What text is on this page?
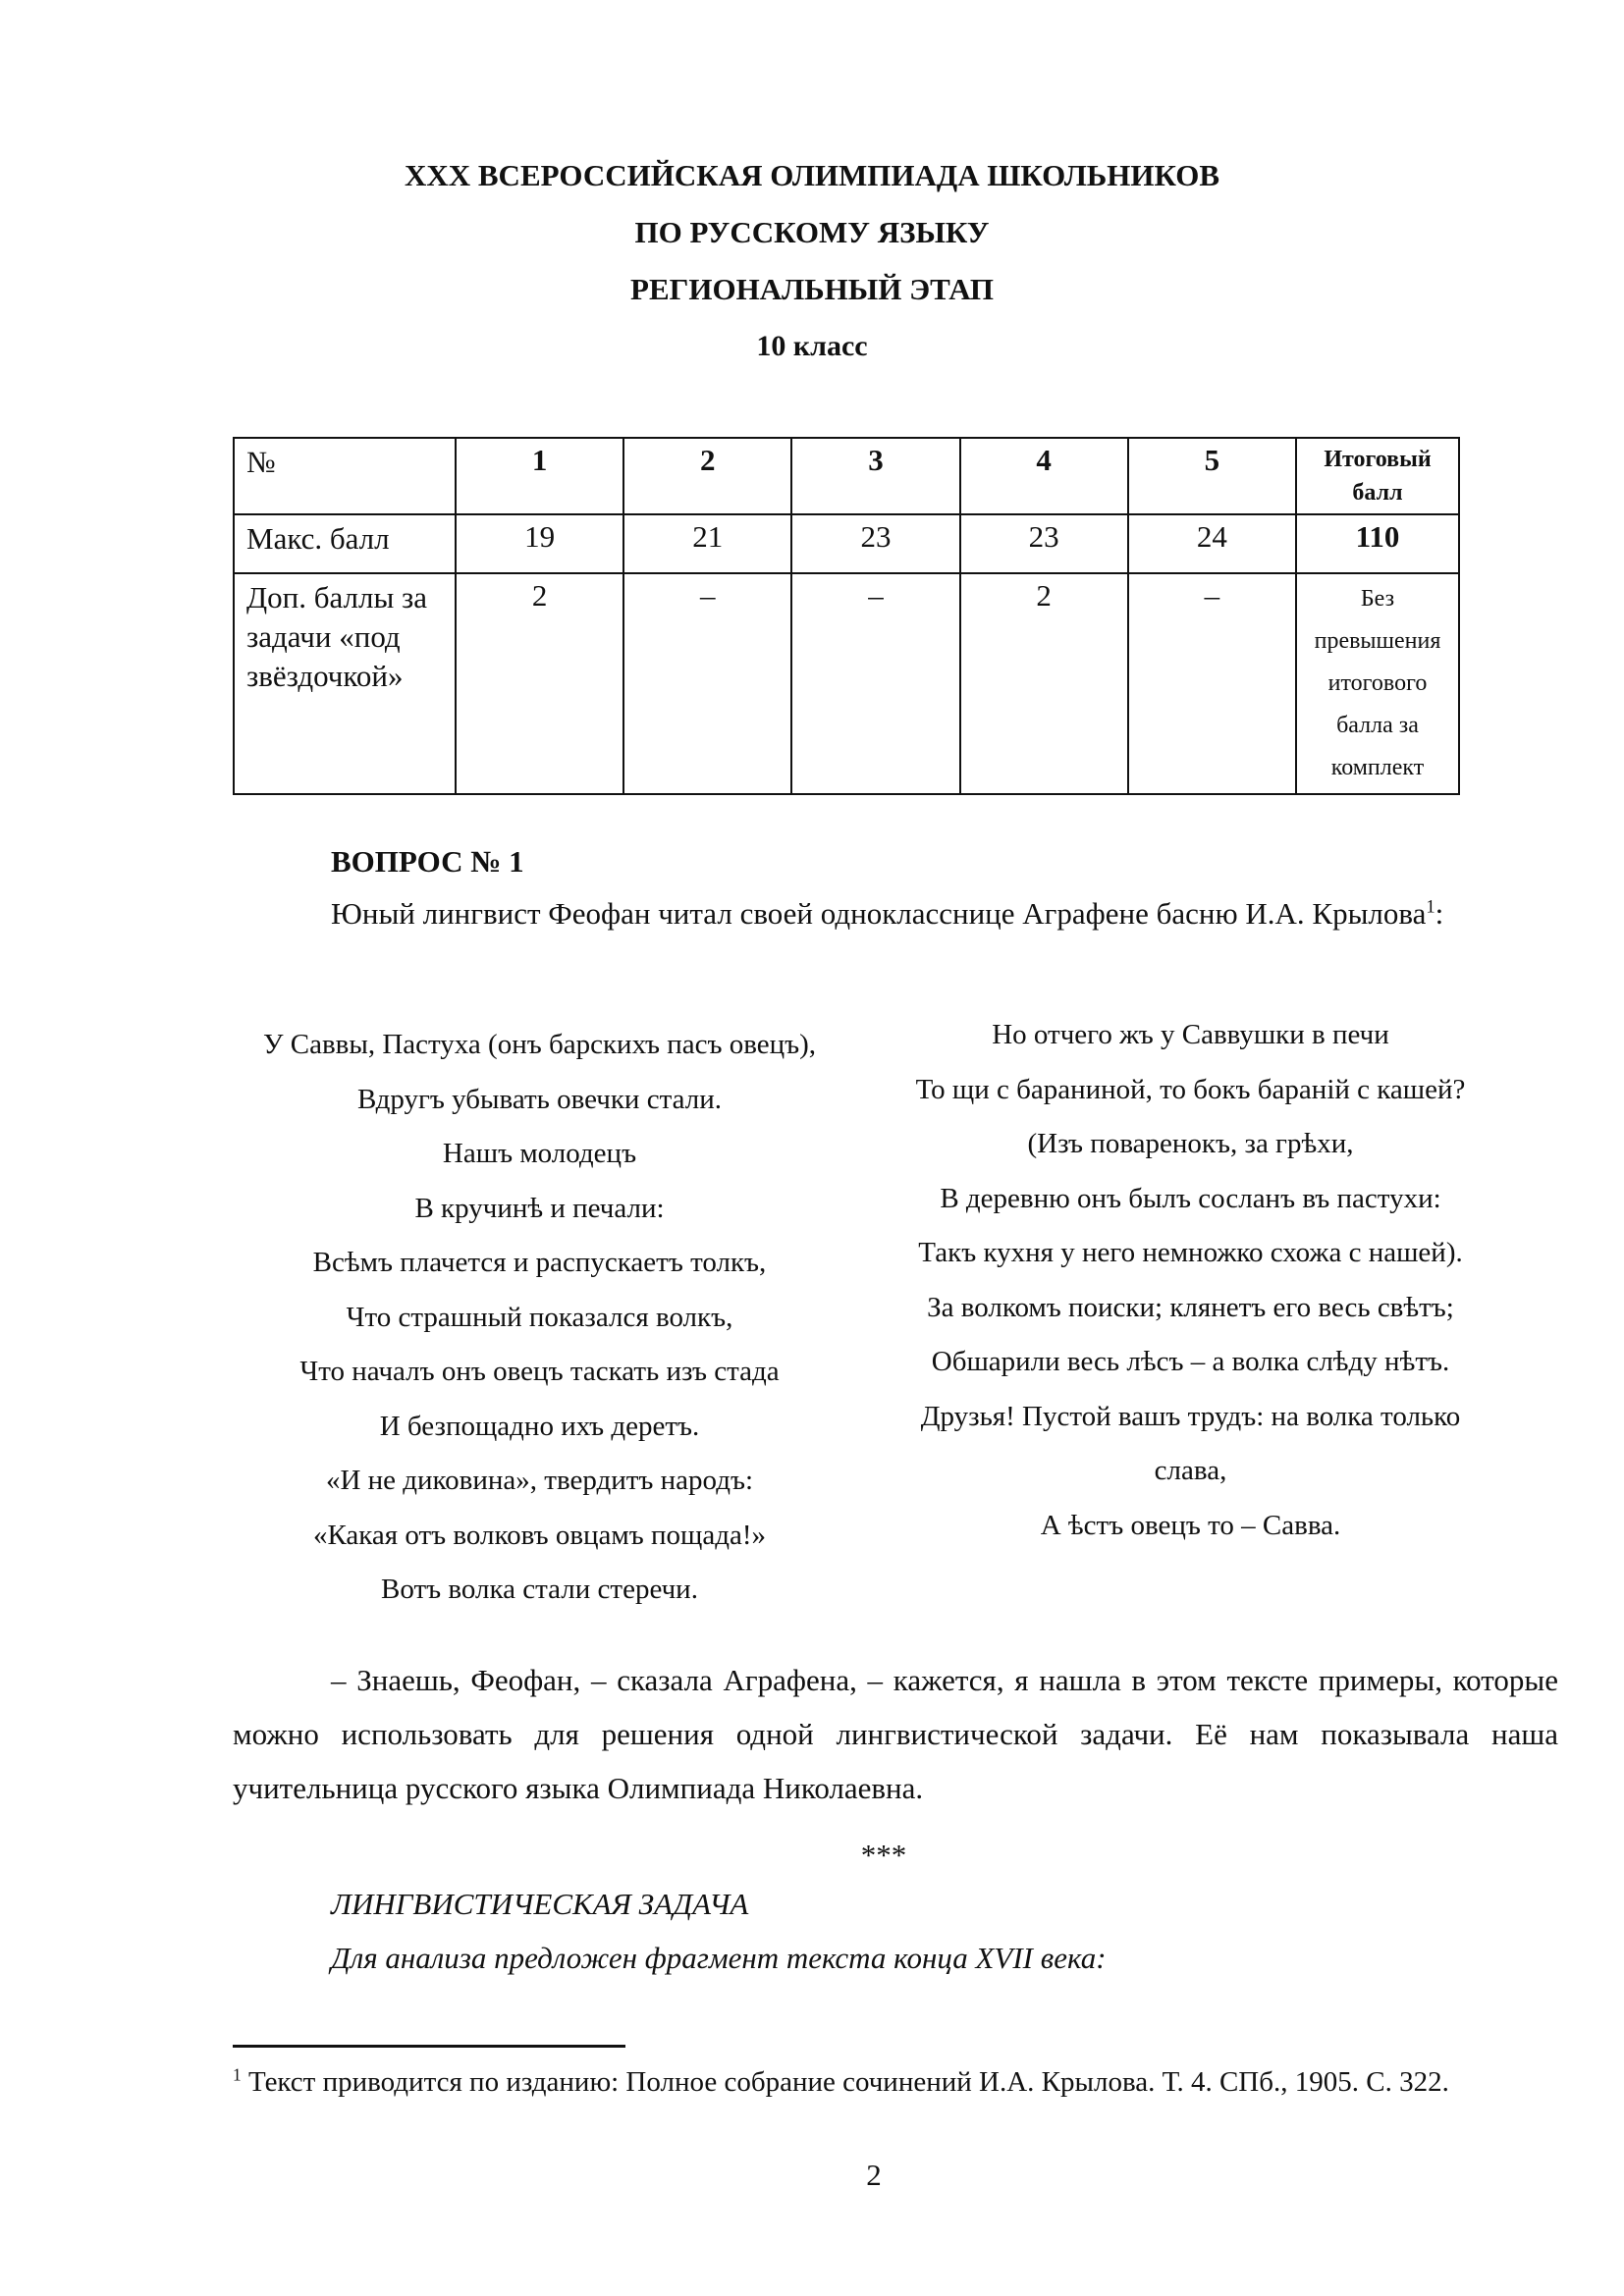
XXX ВСЕРОССИЙСКАЯ ОЛИМПИАДА ШКОЛЬНИКОВ
ПО РУССКОМУ ЯЗЫКУ
РЕГИОНАЛЬНЫЙ ЭТАП
10 класс
№	1	2	3	4	5	Итоговый балл
Макс. балл	19	21	23	23	24	110
Доп. баллы за задачи «под звёздочкой»	2	–	–	2	–	Без превышения итогового балла за комплект
ВОПРОС № 1
Юный лингвист Феофан читал своей однокласснице Аграфене басню И.А. Крылова$^1$:
У Саввы, Пастуха (онъ барскихъ пасъ овецъ),
Вдругъ убывать овечки стали.
Нашъ молодецъ
В кручинѣ и печали:
Всѣмъ плачется и распускаетъ толкъ,
Что страшный показался волкъ,
Что началъ онъ овецъ таскать изъ стада
И безпощадно ихъ деретъ.
«И не диковина», твердитъ народъ:
«Какая отъ волковъ овцамъ пощада!»
Вотъ волка стали стеречи.
Но отчего жъ у Саввушки в печи
То щи с бараниной, то бокъ бараній с кашей?
(Изъ поваренокъ, за грѣхи,
В деревню онъ былъ сосланъ въ пастухи:
Такъ кухня у него немножко схожа с нашей).
За волкомъ поиски; клянетъ его весь свѣтъ;
Обшарили весь лѣсъ – а волка слѣду нѣтъ.
Друзья! Пустой вашъ трудъ: на волка только
слава,
А ѣстъ овецъ то – Савва.
– Знаешь, Феофан, – сказала Аграфена, – кажется, я нашла в этом тексте примеры, которые можно использовать для решения одной лингвистической задачи. Её нам показывала наша учительница русского языка Олимпиада Николаевна.
***
ЛИНГВИСТИЧЕСКАЯ ЗАДАЧА
Для анализа предложен фрагмент текста конца XVII века:
$^1$ Текст приводится по изданию: Полное собрание сочинений И.А. Крылова. Т. 4. СПб., 1905. С. 322.
2
